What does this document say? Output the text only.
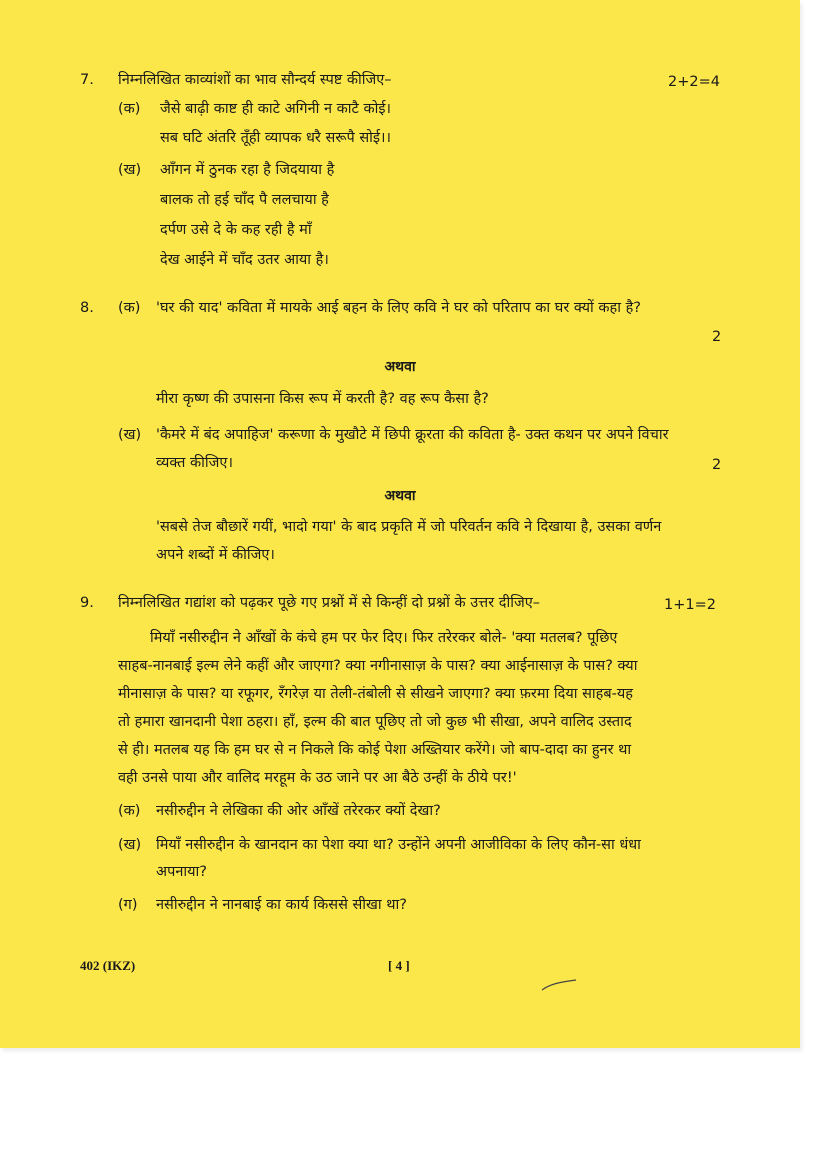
7. निम्नलिखित काव्यांशों का भाव सौन्दर्य स्पष्ट कीजिए–	2+2=4
(क) जैसे बाढ़ी काष्ट ही काटे अगिनी न काटै कोई।
सब घटि अंतरि तूँही व्यापक धरै सरूपै सोई।।
(ख) आँगन में ठुनक रहा है जिदयाया है
बालक तो हई चाँद पै ललचाया है
दर्पण उसे दे के कह रही है माँ
देख आईने में चाँद उतर आया है।
8. (क) 'घर की याद' कविता में मायके आई बहन के लिए कवि ने घर को परिताप का घर क्यों कहा है?
2
अथवा
मीरा कृष्ण की उपासना किस रूप में करती है? वह रूप कैसा है?
(ख) 'कैमरे में बंद अपाहिज' करूणा के मुखौटे में छिपी क्रूरता की कविता है- उक्त कथन पर अपने विचार
व्यक्त कीजिए।	2
अथवा
'सबसे तेज बौछारें गयीं, भादो गया' के बाद प्रकृति में जो परिवर्तन कवि ने दिखाया है, उसका वर्णन
अपने शब्दों में कीजिए।
9. निम्नलिखित गद्यांश को पढ़कर पूछे गए प्रश्नों में से किन्हीं दो प्रश्नों के उत्तर दीजिए–	1+1=2
मियाँ नसीरुद्दीन ने आँखों के कंचे हम पर फेर दिए। फिर तरेरकर बोले- 'क्या मतलब? पूछिए
साहब-नानबाई इल्म लेने कहीं और जाएगा? क्या नगीनासाज़ के पास? क्या आईनासाज़ के पास? क्या
मीनासाज़ के पास? या रफूगर, रँगरेज़ या तेली-तंबोली से सीखने जाएगा? क्या फ़रमा दिया साहब-यह
तो हमारा खानदानी पेशा ठहरा। हाँ, इल्म की बात पूछिए तो जो कुछ भी सीखा, अपने वालिद उस्ताद
से ही। मतलब यह कि हम घर से न निकले कि कोई पेशा अख्तियार करेंगे। जो बाप-दादा का हुनर था
वही उनसे पाया और वालिद मरहूम के उठ जाने पर आ बैठे उन्हीं के ठीये पर!'
(क) नसीरुद्दीन ने लेखिका की ओर आँखें तरेरकर क्यों देखा?
(ख) मियाँ नसीरुद्दीन के खानदान का पेशा क्या था? उन्होंने अपनी आजीविका के लिए कौन-सा धंधा
अपनाया?
(ग) नसीरुद्दीन ने नानबाई का कार्य किससे सीखा था?
402 (IKZ)	[ 4 ]
